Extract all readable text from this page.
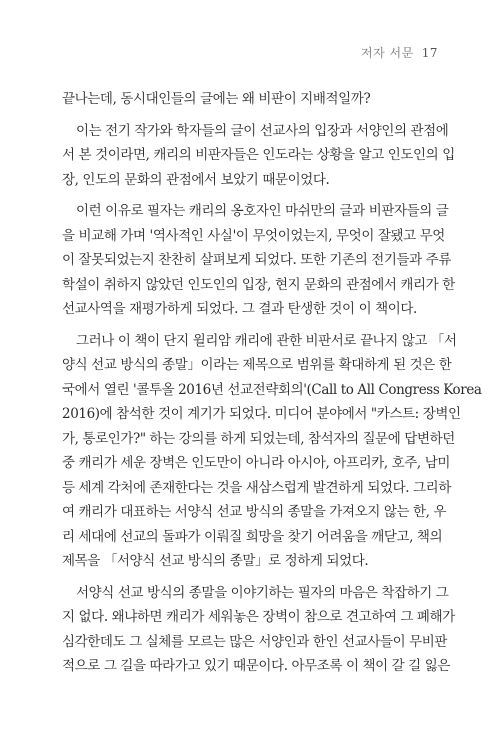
저자 서문 17
끝나는데, 동시대인들의 글에는 왜 비판이 지배적일까?
이는 전기 작가와 학자들의 글이 선교사의 입장과 서양인의 관점에
서 본 것이라면, 캐리의 비판자들은 인도라는 상황을 알고 인도인의 입
장, 인도의 문화의 관점에서 보았기 때문이었다.
이런 이유로 필자는 캐리의 옹호자인 마쉬만의 글과 비판자들의 글
을 비교해 가며 '역사적인 사실'이 무엇이었는지, 무엇이 잘됐고 무엇
이 잘못되었는지 찬찬히 살펴보게 되었다. 또한 기존의 전기들과 주류
학설이 취하지 않았던 인도인의 입장, 현지 문화의 관점에서 캐리가 한
선교사역을 재평가하게 되었다. 그 결과 탄생한 것이 이 책이다.
그러나 이 책이 단지 윌리암 캐리에 관한 비판서로 끝나지 않고 「서
양식 선교 방식의 종말」이라는 제목으로 범위를 확대하게 된 것은 한
국에서 열린 '콜투올 2016년 선교전략회의'(Call to All Congress Korea
2016)에 참석한 것이 계기가 되었다. 미디어 분야에서 "카스트: 장벽인
가, 통로인가?" 하는 강의를 하게 되었는데, 참석자의 질문에 답변하던
중 캐리가 세운 장벽은 인도만이 아니라 아시아, 아프리카, 호주, 남미
등 세계 각처에 존재한다는 것을 새삼스럽게 발견하게 되었다. 그리하
여 캐리가 대표하는 서양식 선교 방식의 종말을 가져오지 않는 한, 우
리 세대에 선교의 돌파가 이뤄질 희망을 찾기 어려움을 깨닫고, 책의
제목을 「서양식 선교 방식의 종말」로 정하게 되었다.
서양식 선교 방식의 종말을 이야기하는 필자의 마음은 착잡하기 그
지 없다. 왜냐하면 캐리가 세워놓은 장벽이 참으로 견고하여 그 폐해가
심각한데도 그 실체를 모르는 많은 서양인과 한인 선교사들이 무비판
적으로 그 길을 따라가고 있기 때문이다. 아무조록 이 책이 갈 길 잃은
